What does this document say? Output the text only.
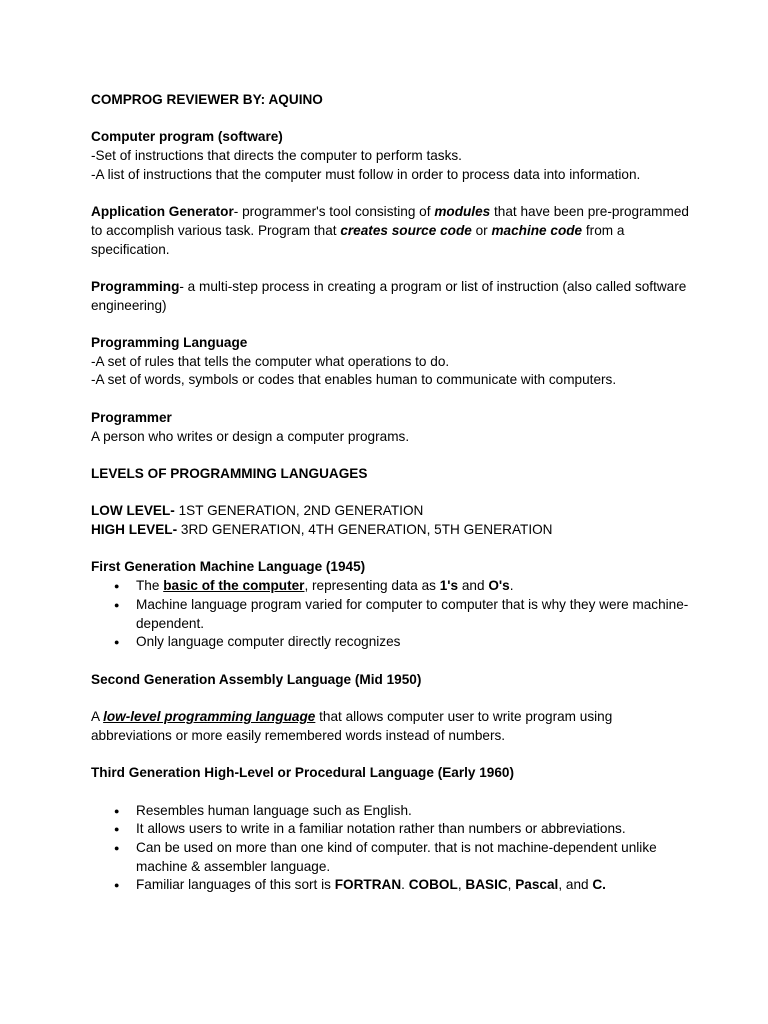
COMPROG REVIEWER BY: AQUINO

Computer program (software)

-Set of instructions that directs the computer to perform tasks.

-A list of instructions that the computer must follow in order to process data into information.

Application Generator- programmer's tool consisting of modules that have been pre-programmed to accomplish various task. Program that creates source code or machine code from a specification.

Programming- a multi-step process in creating a program or list of instruction (also called software engineering)

Programming Language

-A set of rules that tells the computer what operations to do.

-A set of words, symbols or codes that enables human to communicate with computers.

Programmer

A person who writes or design a computer programs.

LEVELS OF PROGRAMMING LANGUAGES

LOW LEVEL- 1ST GENERATION, 2ND GENERATION

HIGH LEVEL- 3RD GENERATION, 4TH GENERATION, 5TH GENERATION

First Generation Machine Language (1945)

● The basic of the computer, representing data as 1's and O's.
● Machine language program varied for computer to computer that is why they were machine- dependent.
● Only language computer directly recognizes

Second Generation Assembly Language (Mid 1950)

A low-level programming language that allows computer user to write program using abbreviations or more easily remembered words instead of numbers.

Third Generation High-Level or Procedural Language (Early 1960)

● Resembles human language such as English.
● It allows users to write in a familiar notation rather than numbers or abbreviations.
● Can be used on more than one kind of computer. that is not machine-dependent unlike machine & assembler language.
● Familiar languages of this sort is FORTRAN. COBOL, BASIC, Pascal, and C.
